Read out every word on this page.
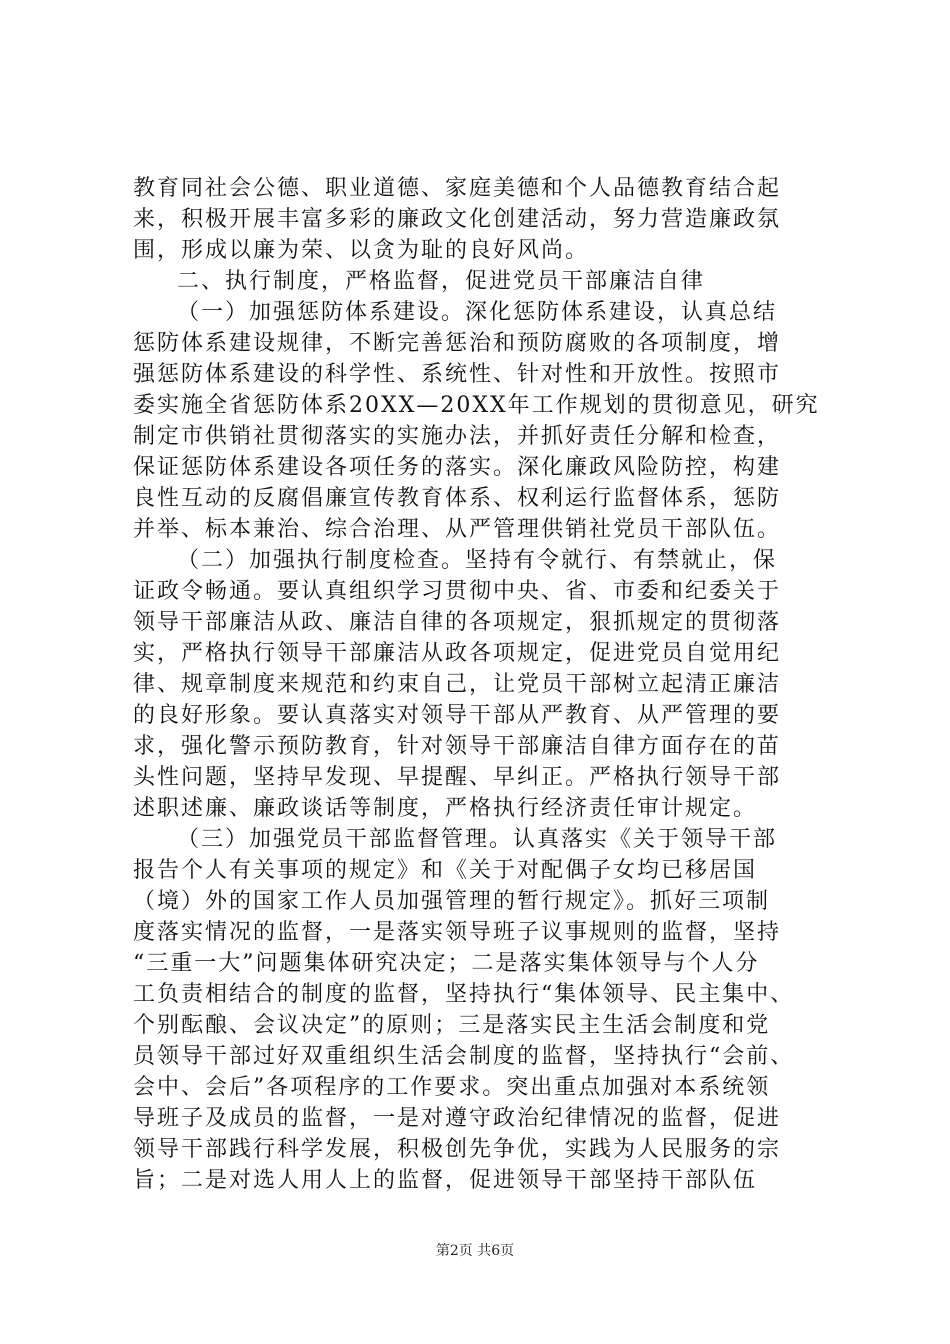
教育同社会公德、职业道德、家庭美德和个人品德教育结合起
来，积极开展丰富多彩的廉政文化创建活动，努力营造廉政氛
围，形成以廉为荣、以贪为耻的良好风尚。
二、执行制度，严格监督，促进党员干部廉洁自律
（一）加强惩防体系建设。深化惩防体系建设，认真总结
惩防体系建设规律，不断完善惩治和预防腐败的各项制度，增
强惩防体系建设的科学性、系统性、针对性和开放性。按照市
委实施全省惩防体系20XX—20XX年工作规划的贯彻意见，研究
制定市供销社贯彻落实的实施办法，并抓好责任分解和检查，
保证惩防体系建设各项任务的落实。深化廉政风险防控，构建
良性互动的反腐倡廉宣传教育体系、权利运行监督体系，惩防
并举、标本兼治、综合治理、从严管理供销社党员干部队伍。
（二）加强执行制度检查。坚持有令就行、有禁就止，保
证政令畅通。要认真组织学习贯彻中央、省、市委和纪委关于
领导干部廉洁从政、廉洁自律的各项规定，狠抓规定的贯彻落
实，严格执行领导干部廉洁从政各项规定，促进党员自觉用纪
律、规章制度来规范和约束自己，让党员干部树立起清正廉洁
的良好形象。要认真落实对领导干部从严教育、从严管理的要
求，强化警示预防教育，针对领导干部廉洁自律方面存在的苗
头性问题，坚持早发现、早提醒、早纠正。严格执行领导干部
述职述廉、廉政谈话等制度，严格执行经济责任审计规定。
（三）加强党员干部监督管理。认真落实《关于领导干部
报告个人有关事项的规定》和《关于对配偶子女均已移居国
（境）外的国家工作人员加强管理的暂行规定》。抓好三项制
度落实情况的监督，一是落实领导班子议事规则的监督，坚持
“三重一大”问题集体研究决定；二是落实集体领导与个人分
工负责相结合的制度的监督，坚持执行“集体领导、民主集中、
个别酝酿、会议决定”的原则；三是落实民主生活会制度和党
员领导干部过好双重组织生活会制度的监督，坚持执行“会前、
会中、会后”各项程序的工作要求。突出重点加强对本系统领
导班子及成员的监督，一是对遵守政治纪律情况的监督，促进
领导干部践行科学发展，积极创先争优，实践为人民服务的宗
旨；二是对选人用人上的监督，促进领导干部坚持干部队伍
第2页 共6页
